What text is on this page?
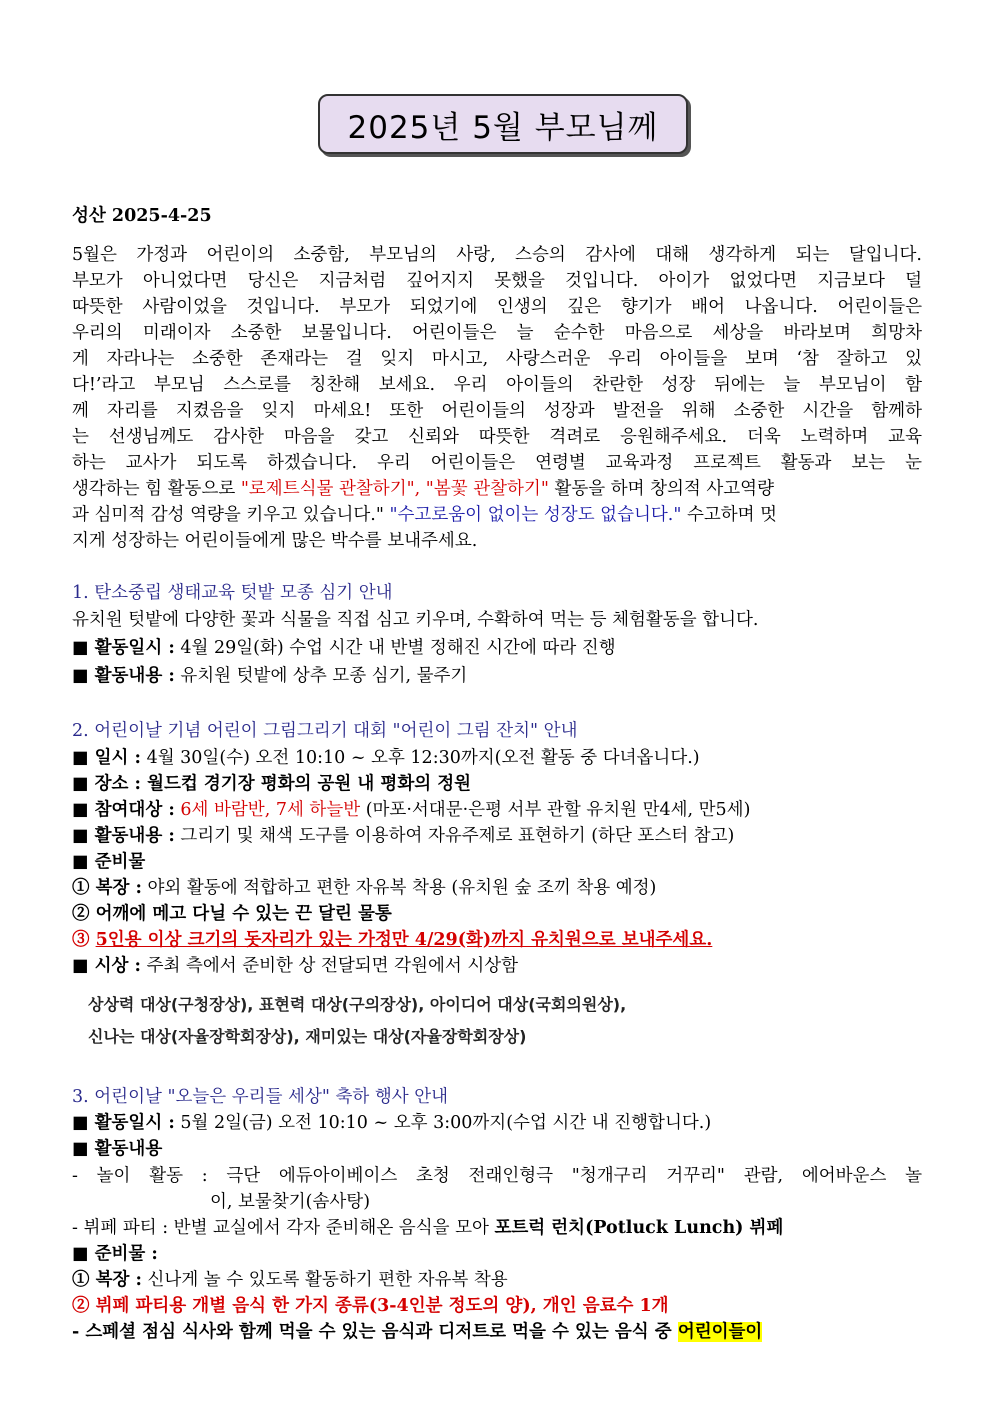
2025년 5월 부모님께
성산 2025-4-25
5월은 가정과 어린이의 소중함, 부모님의 사랑, 스승의 감사에 대해 생각하게 되는 달입니다.
부모가 아니었다면 당신은 지금처럼 깊어지지 못했을 것입니다. 아이가 없었다면 지금보다 덜
따뜻한 사람이었을 것입니다. 부모가 되었기에 인생의 깊은 향기가 배어 나옵니다. 어린이들은
우리의 미래이자 소중한 보물입니다. 어린이들은 늘 순수한 마음으로 세상을 바라보며 희망차
게 자라나는 소중한 존재라는 걸 잊지 마시고, 사랑스러운 우리 아이들을 보며 ‘참 잘하고 있
다!’라고 부모님 스스로를 칭찬해 보세요. 우리 아이들의 찬란한 성장 뒤에는 늘 부모님이 함
께 자리를 지켰음을 잊지 마세요! 또한 어린이들의 성장과 발전을 위해 소중한 시간을 함께하
는 선생님께도 감사한 마음을 갖고 신뢰와 따뜻한 격려로 응원해주세요. 더욱 노력하며 교육
하는 교사가 되도록 하겠습니다. 우리 어린이들은 연령별 교육과정 프로젝트 활동과 보는 눈
생각하는 힘 활동으로 "로제트식물 관찰하기", "봄꽃 관찰하기" 활동을 하며 창의적 사고역량
과 심미적 감성 역량을 키우고 있습니다." "수고로움이 없이는 성장도 없습니다." 수고하며 멋
지게 성장하는 어린이들에게 많은 박수를 보내주세요.
1. 탄소중립 생태교육 텃밭 모종 심기 안내
유치원 텃밭에 다양한 꽃과 식물을 직접 심고 키우며, 수확하여 먹는 등 체험활동을 합니다.
■ 활동일시 : 4월 29일(화) 수업 시간 내 반별 정해진 시간에 따라 진행
■ 활동내용 : 유치원 텃밭에 상추 모종 심기, 물주기
2. 어린이날 기념 어린이 그림그리기 대회 "어린이 그림 잔치" 안내
■ 일시 : 4월 30일(수) 오전 10:10 ~ 오후 12:30까지(오전 활동 중 다녀옵니다.)
■ 장소 : 월드컵 경기장 평화의 공원 내 평화의 정원
■ 참여대상 : 6세 바람반, 7세 하늘반 (마포·서대문·은평 서부 관할 유치원 만4세, 만5세)
■ 활동내용 : 그리기 및 채색 도구를 이용하여 자유주제로 표현하기 (하단 포스터 참고)
■ 준비물
① 복장 : 야외 활동에 적합하고 편한 자유복 착용 (유치원 숲 조끼 착용 예정)
② 어깨에 메고 다닐 수 있는 끈 달린 물통
③ 5인용 이상 크기의 돗자리가 있는 가정만 4/29(화)까지 유치원으로 보내주세요.
■ 시상 : 주최 측에서 준비한 상 전달되면 각원에서 시상함
상상력 대상(구청장상), 표현력 대상(구의장상), 아이디어 대상(국회의원상),
신나는 대상(자율장학회장상), 재미있는 대상(자율장학회장상)
3. 어린이날 "오늘은 우리들 세상" 축하 행사 안내
■ 활동일시 : 5월 2일(금) 오전 10:10 ~ 오후 3:00까지(수업 시간 내 진행합니다.)
■ 활동내용
- 놀이 활동 : 극단 에듀아이베이스 초청 전래인형극 "청개구리 거꾸리" 관람, 에어바운스 놀
이, 보물찾기(솜사탕)
- 뷔페 파티 : 반별 교실에서 각자 준비해온 음식을 모아 포트럭 런치(Potluck Lunch) 뷔페
■ 준비물 :
① 복장 : 신나게 놀 수 있도록 활동하기 편한 자유복 착용
② 뷔페 파티용 개별 음식 한 가지 종류(3-4인분 정도의 양), 개인 음료수 1개
- 스페셜 점심 식사와 함께 먹을 수 있는 음식과 디저트로 먹을 수 있는 음식 중 어린이들이
